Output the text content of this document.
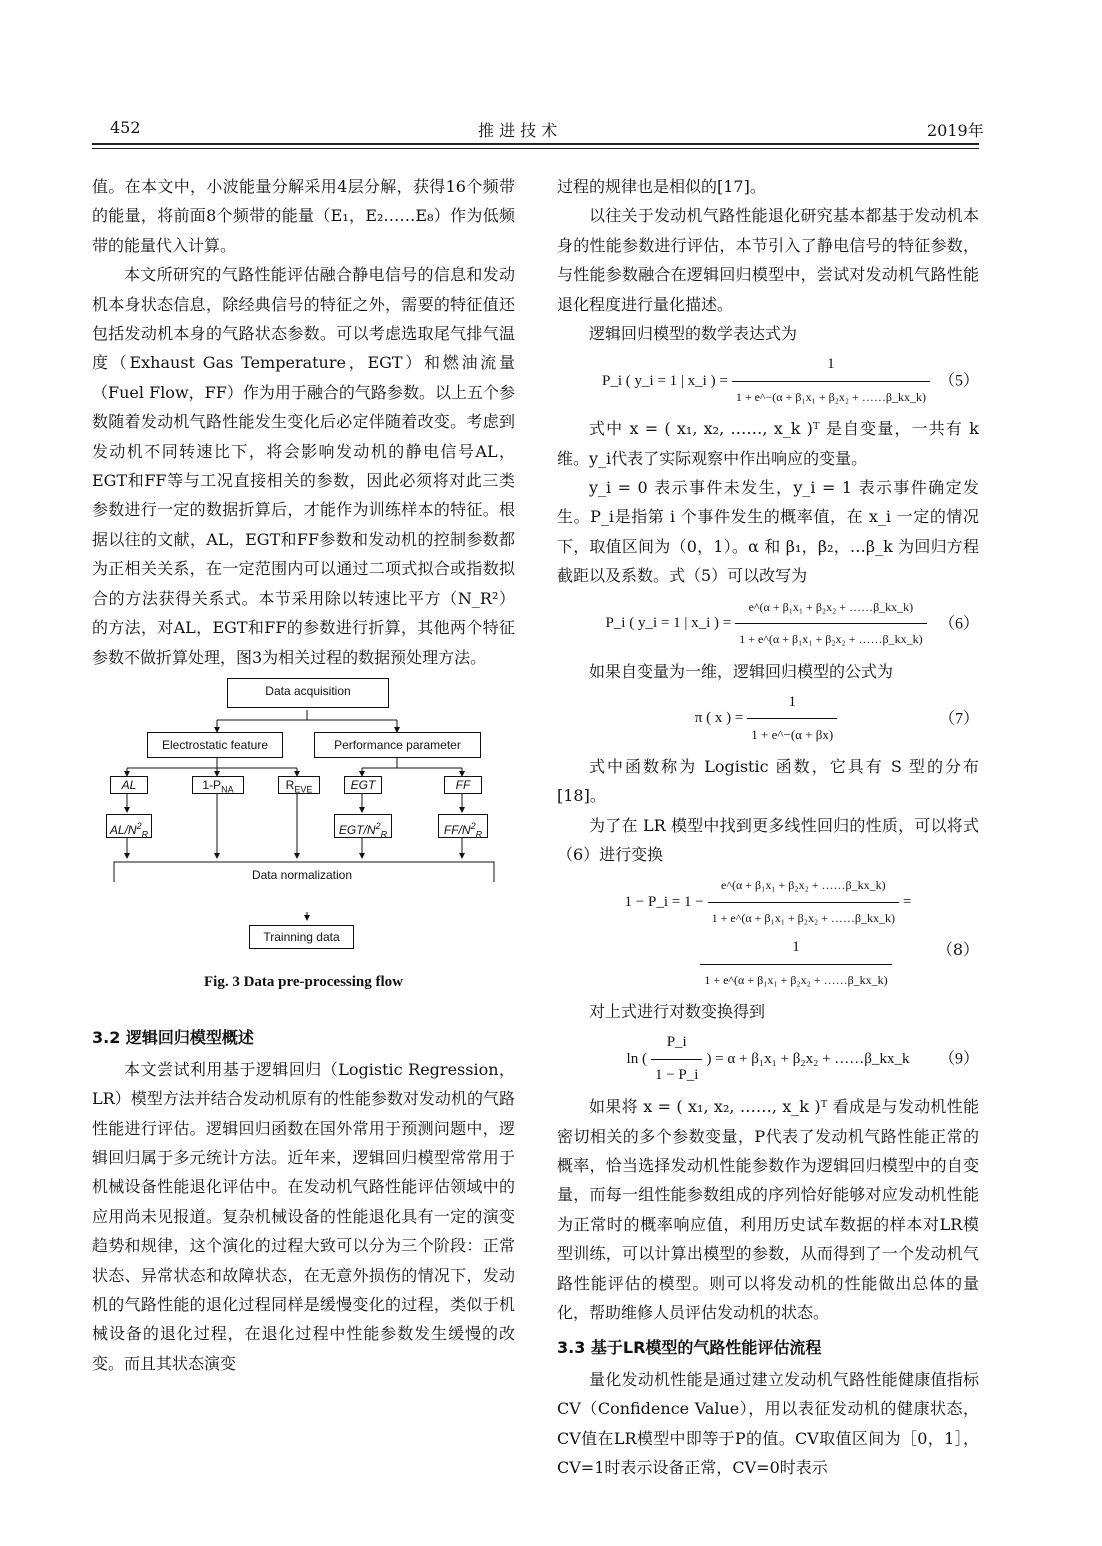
452	推 进 技 术	2019年

值。在本文中，小波能量分解采用4层分解，获得16个频带的能量，将前面8个频带的能量（E₁，E₂……E₈）作为低频带的能量代入计算。

本文所研究的气路性能评估融合静电信号的信息和发动机本身状态信息，除经典信号的特征之外，需要的特征值还包括发动机本身的气路状态参数。可以考虑选取尾气排气温度（Exhaust Gas Temperature，EGT）和燃油流量（Fuel Flow，FF）作为用于融合的气路参数。以上五个参数随着发动机气路性能发生变化后必定伴随着改变。考虑到发动机不同转速比下，将会影响发动机的静电信号AL，EGT和FF等与工况直接相关的参数，因此必须将对此三类参数进行一定的数据折算后，才能作为训练样本的特征。根据以往的文献，AL，EGT和FF参数和发动机的控制参数都为正相关关系，在一定范围内可以通过二项式拟合或指数拟合的方法获得关系式。本节采用除以转速比平方（N_R²）的方法，对AL，EGT和FF的参数进行折算，其他两个特征参数不做折算处理，图3为相关过程的数据预处理方法。

Data acquisition
Electrostatic feature	Performance parameter
AL	$1-P_{NA}$	$R_{EVE}$	EGT	FF
$AL/N^2_R$	EGT/$N^2_R$	$FF/N^2_R$
Data normalization
Trainning data
Fig. 3 Data pre-processing flow
3.2 逻辑回归模型概述

本文尝试利用基于逻辑回归（Logistic Regression，LR）模型方法并结合发动机原有的性能参数对发动机的气路性能进行评估。逻辑回归函数在国外常用于预测问题中，逻辑回归属于多元统计方法。近年来，逻辑回归模型常常用于机械设备性能退化评估中。在发动机气路性能评估领域中的应用尚未见报道。复杂机械设备的性能退化具有一定的演变趋势和规律，这个演化的过程大致可以分为三个阶段：正常状态、异常状态和故障状态，在无意外损伤的情况下，发动机的气路性能的退化过程同样是缓慢变化的过程，类似于机械设备的退化过程，在退化过程中性能参数发生缓慢的改变。而且其状态演变

过程的规律也是相似的[17]。

以往关于发动机气路性能退化研究基本都基于发动机本身的性能参数进行评估，本节引入了静电信号的特征参数，与性能参数融合在逻辑回归模型中，尝试对发动机气路性能退化程度进行量化描述。

逻辑回归模型的数学表达式为

P_i ( y_i = 1 | x_i ) = $\frac{1}{\text{1 + e\textasciicircum{}−(α + β₁x₁ + β₂x₂ + ……β\_kx\_k)}} (5)$

式中 x = ( x₁, x₂, ……, x_k )ᵀ 是自变量，一共有 k 维。y_i代表了实际观察中作出响应的变量。

y_i = 0 表示事件未发生，y_i = 1 表示事件确定发生。P_i是指第 i 个事件发生的概率值，在 x_i 一定的情况下，取值区间为（0，1）。α 和 β₁，β₂，…β_k 为回归方程截距以及系数。式（5）可以改写为

P_i ( y_i = 1 | x_i ) = $\frac{\text{e\textasciicircum{}(α + β₁x₁ + β₂x₂ + ……β\_kx\_k)}}{\text{1 + e\textasciicircum{}(α + β₁x₁ + β₂x₂ + ……β\_kx\_k)}} (6)$

如果自变量为一维，逻辑回归模型的公式为

π ( x ) = $\frac{1}{1 + e\^{}-(\alpha + \beta x)}$	（7）

式中函数称为 Logistic 函数，它具有 S 型的分布[18]。

为了在 LR 模型中找到更多线性回归的性质，可以将式（6）进行变换

1 − P_i = $1 - \frac{\text{e\textasciicircum{}(α + β₁x₁ + β₂x₂ + ……β\_kx\_k)}}{\text{1 + e\textasciicircum{}(α + β₁x₁ + β₂x₂ + ……β\_kx\_k)}}$ =
$\frac{1}{\text{1 + e\textasciicircum{}(α + β₁x₁ + β₂x₂ + ……β\_kx\_k)}}$	（8）

对上式进行对数变换得到

ln ( $\frac{P\_i}{1 - P\_i}$ ) = α + β₁x₁ + β₂x₂ + ……β_kx_k （9）

如果将 x = ( x₁, x₂, ……, x_k )ᵀ 看成是与发动机性能密切相关的多个参数变量，P代表了发动机气路性能正常的概率，恰当选择发动机性能参数作为逻辑回归模型中的自变量，而每一组性能参数组成的序列恰好能够对应发动机性能为正常时的概率响应值，利用历史试车数据的样本对LR模型训练，可以计算出模型的参数，从而得到了一个发动机气路性能评估的模型。则可以将发动机的性能做出总体的量化，帮助维修人员评估发动机的状态。

3.3 基于LR模型的气路性能评估流程

量化发动机性能是通过建立发动机气路性能健康值指标 CV（Confidence Value），用以表征发动机的健康状态，CV值在LR模型中即等于P的值。CV取值区间为［0，1］，CV=1时表示设备正常，CV=0时表示
